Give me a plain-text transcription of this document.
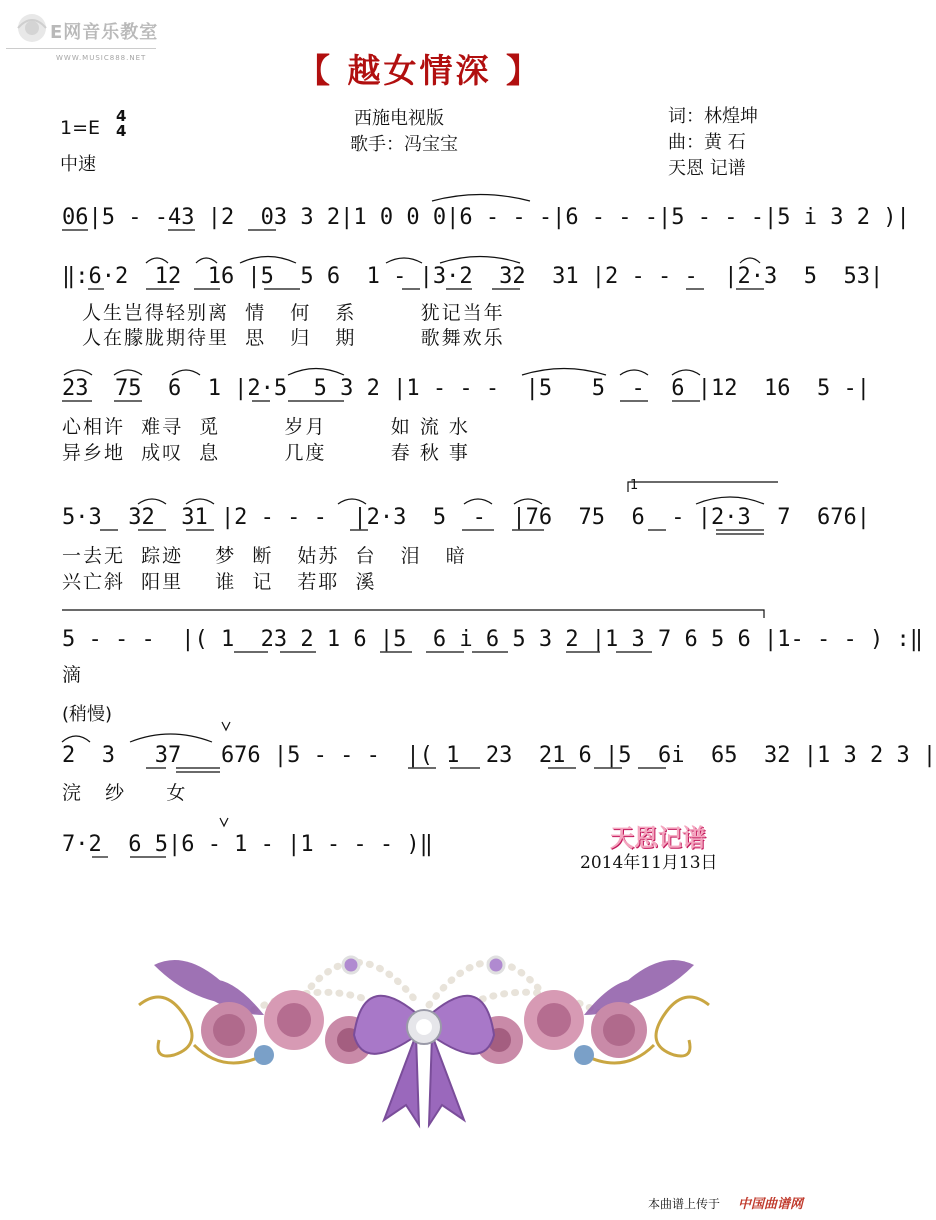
E网音乐教室
WWW.MUSIC888.NET	【 越女情深 】
1=E
4
4
中速
西施电视版
歌手：冯宝宝
词：林煌坤
曲：黄 石
天恩 记谱
06|5 - -43 |2  03 3 2|1 0 0 0|6 - - -|6 - - -|5 - - -|5 i 3 2 )|
‖:6·2  12  16 |5  5 6  1 - |3·2  32  31 |2 - - -  |2·3  5  53|
人生岂得轻别离  情   何   系        犹记当年
人在朦胧期待里  思   归   期        歌舞欢乐
23  75  6  1 |2·5  5 3 2 |1 - - -  |5   5  -  6 |12  16  5 -|
心相许  难寻  觅        岁月        如 流 水
异乡地  成叹  息        几度        春 秋 事
1
5·3  32  31 |2 - - -  |2·3  5  -  |76  75  6  - |2·3  7  676|
一去无  踪迹    梦  断   姑苏  台   泪   暗
兴亡斜  阳里    谁  记   若耶  溪
5 - - -  |( 1  23 2 1 6 |5  6 i 6 5 3 2 |1 3 7 6 5 6 |1- - - ) :‖
滴
(稍慢)
2  3   37   676 |5 - - -  |( 1  23  21 6 |5  6i  65  32 |1 3 2 3 |
浣    纱       女
7·2  6 5|6 - 1 - |1 - - - )‖	天恩记谱
2014年11月13日
本曲谱上传于 中国曲谱网
